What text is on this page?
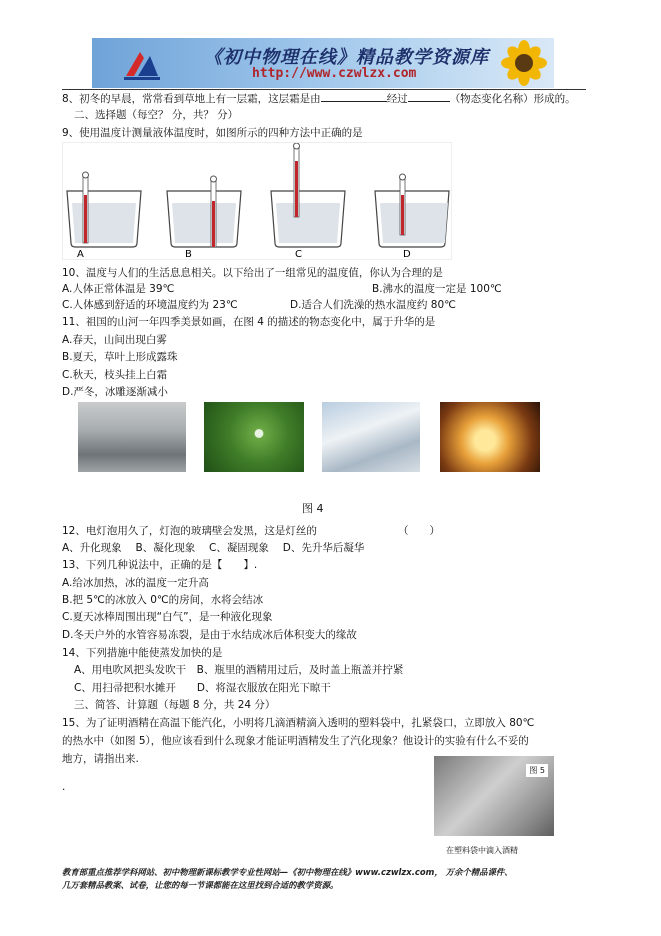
《初中物理在线》精品教学资源库
http://www.czwlzx.com
8、初冬的早晨，常常看到草地上有一层霜，这层霜是由	经过	（物态变化名称）形成的。
二、选择题（每空？ 分，共？ 分）
9、使用温度计测量液体温度时，如图所示的四种方法中正确的是
A	B	C	D
10、温度与人们的生活息息相关。以下给出了一组常见的温度值，你认为合理的是
A.人体正常体温是 39℃	B.沸水的温度一定是 100℃
C.人体感到舒适的环境温度约为 23℃	D.适合人们洗澡的热水温度约 80℃
11、祖国的山河一年四季美景如画，在图 4 的描述的物态变化中，属于升华的是
A.春天，山间出现白雾
B.夏天，草叶上形成露珠
C.秋天，枝头挂上白霜
D.严冬，冰雕逐渐减小
图 4
12、电灯泡用久了，灯泡的玻璃壁会发黑，这是灯丝的	（　　）
A、升化现象　 B、凝化现象　 C、凝固现象　 D、先升华后凝华
13、下列几种说法中，正确的是【　　】.
A.给冰加热，冰的温度一定升高
B.把 5℃的冰放入 0℃的房间，水将会结冰
C.夏天冰棒周围出现“白气”，是一种液化现象
D.冬天户外的水管容易冻裂，是由于水结成冰后体积变大的缘故
14、下列措施中能使蒸发加快的是
A、用电吹风把头发吹干　B、瓶里的酒精用过后，及时盖上瓶盖并拧紧
C、用扫帚把积水摊开　　D、将湿衣服放在阳光下晾干
三、简答、计算题（每题 8 分，共 24 分）
15、为了证明酒精在高温下能汽化，小明将几滴酒精滴入透明的塑料袋中，扎紧袋口，立即放入 80℃
的热水中（如图 5），他应该看到什么现象才能证明酒精发生了汽化现象？他设计的实验有什么不妥的
地方，请指出来.
.
图 5
在塑料袋中滴入酒精
教育部重点推荐学科网站、初中物理新课标教学专业性网站—《初中物理在线》www.czwlzx.com， 万余个精品课件、
几万套精品教案、试卷，让您的每一节课都能在这里找到合适的教学资源。
